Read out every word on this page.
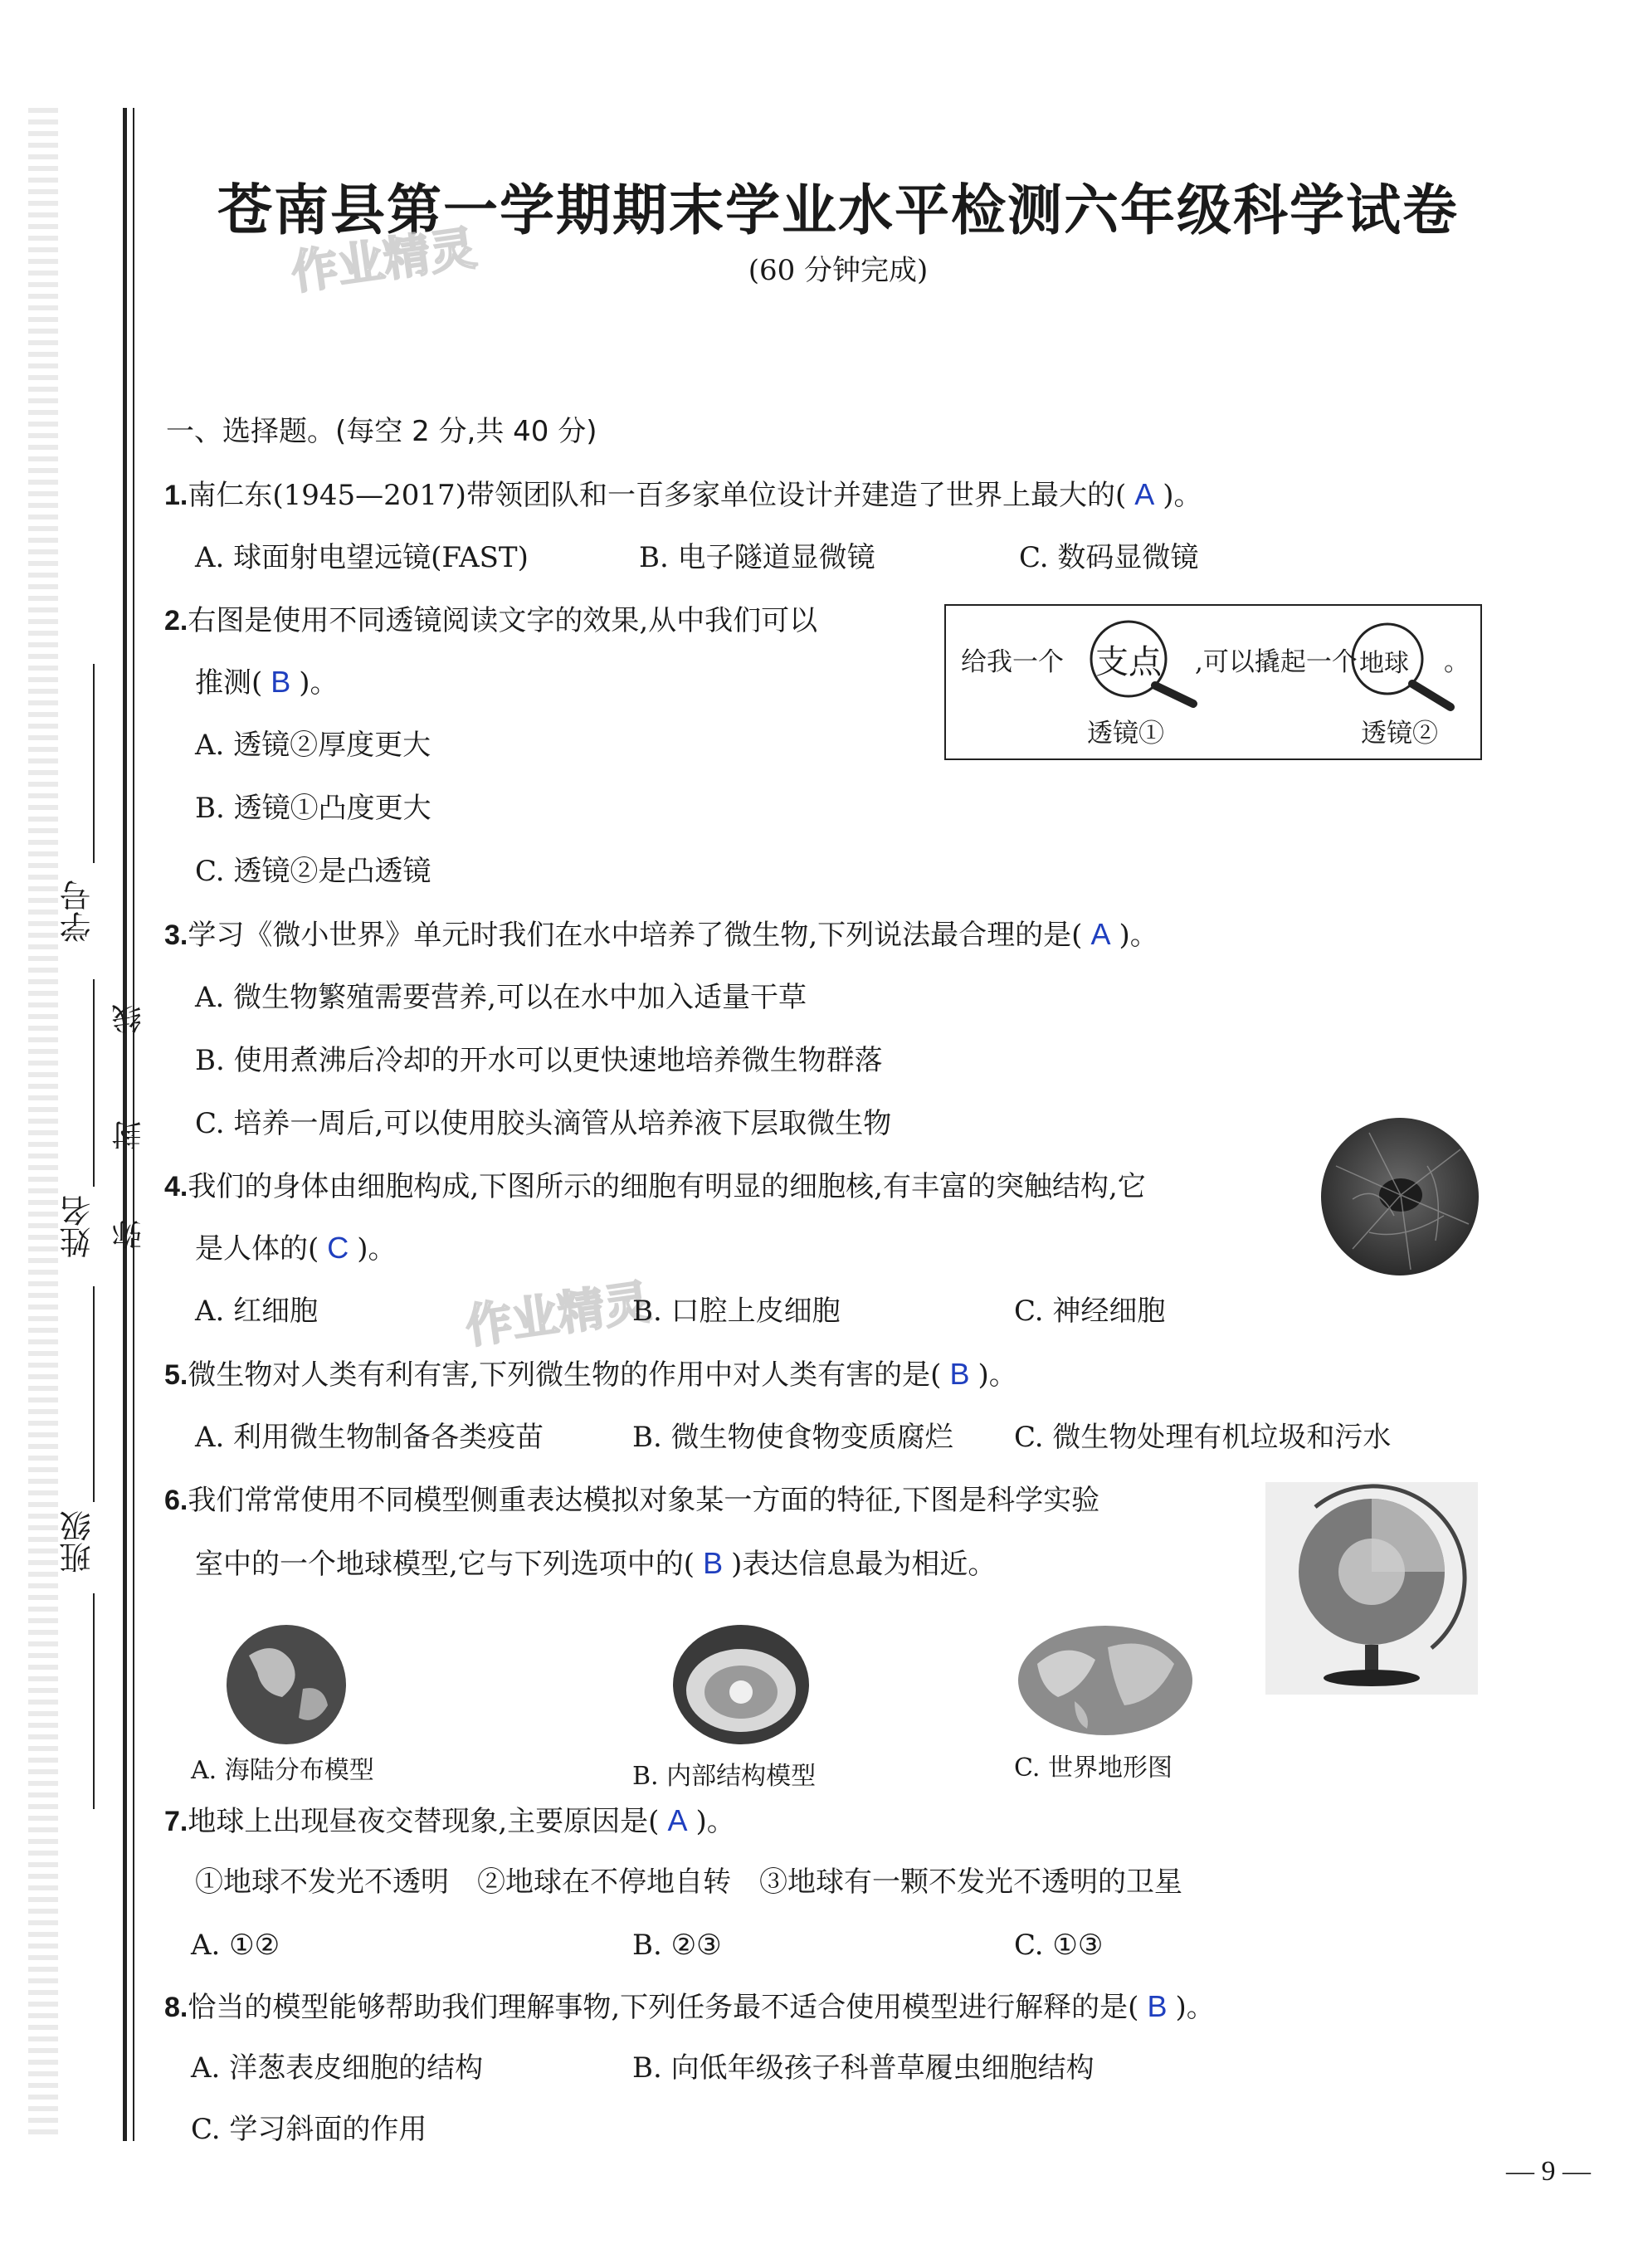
学号
姓名
班级
线
封
弥
苍南县第一学期期末学业水平检测六年级科学试卷
(60 分钟完成)
作业精灵
作业精灵
一、选择题。(每空 2 分,共 40 分)
1.南仁东(1945—2017)带领团队和一百多家单位设计并建造了世界上最大的( A )。
A. 球面射电望远镜(FAST)	B. 电子隧道显微镜	C. 数码显微镜
2.右图是使用不同透镜阅读文字的效果,从中我们可以
推测( B )。
A. 透镜②厚度更大
B. 透镜①凸度更大
C. 透镜②是凸透镜
给我一个 支点 ,可以撬起一个 地球 。
透镜①	透镜②
3.学习《微小世界》单元时我们在水中培养了微生物,下列说法最合理的是( A )。
A. 微生物繁殖需要营养,可以在水中加入适量干草
B. 使用煮沸后冷却的开水可以更快速地培养微生物群落
C. 培养一周后,可以使用胶头滴管从培养液下层取微生物
4.我们的身体由细胞构成,下图所示的细胞有明显的细胞核,有丰富的突触结构,它
是人体的( C )。
A. 红细胞	B. 口腔上皮细胞	C. 神经细胞
5.微生物对人类有利有害,下列微生物的作用中对人类有害的是( B )。
A. 利用微生物制备各类疫苗	B. 微生物使食物变质腐烂 C. 微生物处理有机垃圾和污水
6.我们常常使用不同模型侧重表达模拟对象某一方面的特征,下图是科学实验
室中的一个地球模型,它与下列选项中的( B )表达信息最为相近。
A. 海陆分布模型	B. 内部结构模型	C. 世界地形图
7.地球上出现昼夜交替现象,主要原因是( A )。
①地球不发光不透明　②地球在不停地自转　③地球有一颗不发光不透明的卫星
A. ①②	B. ②③	C. ①③
8.恰当的模型能够帮助我们理解事物,下列任务最不适合使用模型进行解释的是( B )。
A. 洋葱表皮细胞的结构	B. 向低年级孩子科普草履虫细胞结构
C. 学习斜面的作用
— 9 —
